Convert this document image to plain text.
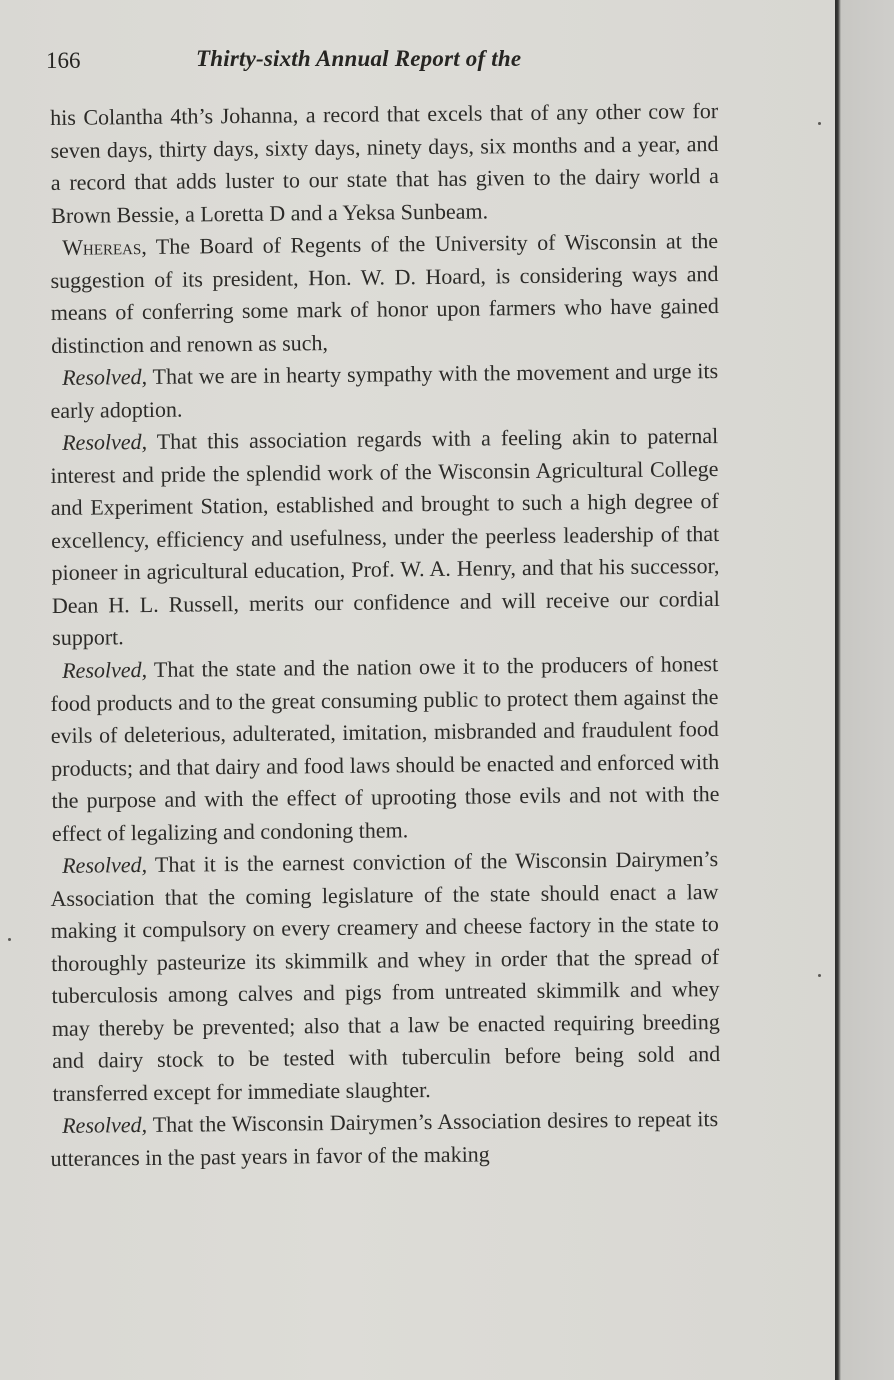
166	Thirty-sixth Annual Report of the

his Colantha 4th’s Johanna, a record that excels that of any other cow for seven days, thirty days, sixty days, ninety days, six months and a year, and a record that adds luster to our state that has given to the dairy world a Brown Bessie, a Loretta D and a Yeksa Sunbeam.

Whereas, The Board of Regents of the University of Wisconsin at the suggestion of its president, Hon. W. D. Hoard, is considering ways and means of conferring some mark of honor upon farmers who have gained distinction and renown as such,

Resolved, That we are in hearty sympathy with the movement and urge its early adoption.

Resolved, That this association regards with a feeling akin to paternal interest and pride the splendid work of the Wisconsin Agricultural College and Experiment Station, established and brought to such a high degree of excellency, efficiency and usefulness, under the peerless leadership of that pioneer in agricultural education, Prof. W. A. Henry, and that his successor, Dean H. L. Russell, merits our confidence and will receive our cordial support.

Resolved, That the state and the nation owe it to the producers of honest food products and to the great consuming public to protect them against the evils of deleterious, adulterated, imitation, misbranded and fraudulent food products; and that dairy and food laws should be enacted and enforced with the purpose and with the effect of uprooting those evils and not with the effect of legalizing and condoning them.

Resolved, That it is the earnest conviction of the Wisconsin Dairymen’s Association that the coming legislature of the state should enact a law making it compulsory on every creamery and cheese factory in the state to thoroughly pasteurize its skimmilk and whey in order that the spread of tuberculosis among calves and pigs from untreated skimmilk and whey may thereby be prevented; also that a law be enacted requiring breeding and dairy stock to be tested with tuberculin before being sold and transferred except for immediate slaughter.

Resolved, That the Wisconsin Dairymen’s Association desires to repeat its utterances in the past years in favor of the making
